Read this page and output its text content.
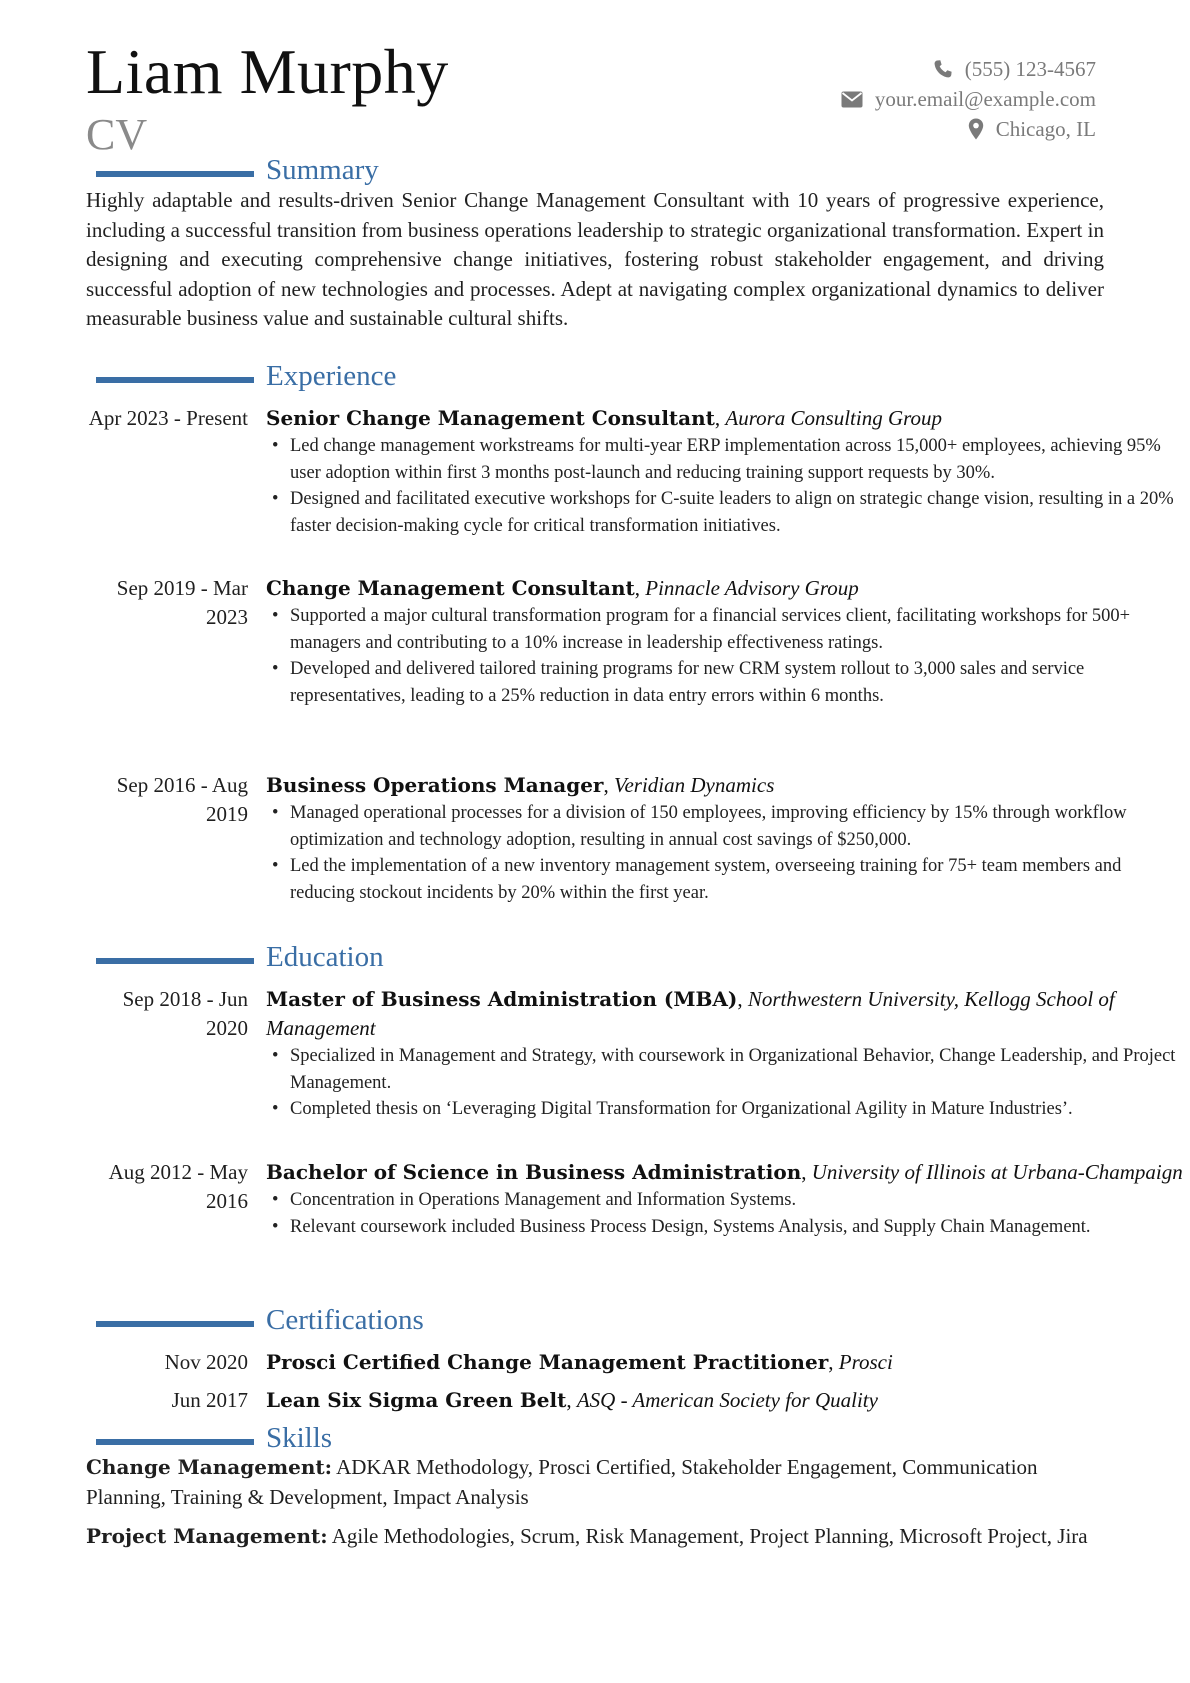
Liam Murphy
CV
(555) 123-4567
your.email@example.com
Chicago, IL
Summary
Highly adaptable and results-driven Senior Change Management Consultant with 10 years of progressive experience, including a successful transition from business operations leadership to strategic organizational transformation. Expert in designing and executing comprehensive change initiatives, fostering robust stakeholder engagement, and driving successful adoption of new technologies and processes. Adept at navigating complex organizational dynamics to deliver measurable business value and sustainable cultural shifts.
Experience
Apr 2023 - Present Senior Change Management Consultant, Aurora Consulting Group
• Led change management workstreams for multi-year ERP implementation across 15,000+ employees, achieving 95% user adoption within first 3 months post-launch and reducing training support requests by 30%.
• Designed and facilitated executive workshops for C-suite leaders to align on strategic change vision, resulting in a 20% faster decision-making cycle for critical transformation initiatives.
Sep 2019 - Mar 2023
Change Management Consultant, Pinnacle Advisory Group
• Supported a major cultural transformation program for a financial services client, facilitating workshops for 500+ managers and contributing to a 10% increase in leadership effectiveness ratings.
• Developed and delivered tailored training programs for new CRM system rollout to 3,000 sales and service representatives, leading to a 25% reduction in data entry errors within 6 months.
Sep 2016 - Aug 2019
Business Operations Manager, Veridian Dynamics
• Managed operational processes for a division of 150 employees, improving efficiency by 15% through workflow optimization and technology adoption, resulting in annual cost savings of $250,000.
• Led the implementation of a new inventory management system, overseeing training for 75+ team members and reducing stockout incidents by 20% within the first year.
Education
Sep 2018 - Jun 2020
Master of Business Administration (MBA), Northwestern University, Kellogg School of Management
• Specialized in Management and Strategy, with coursework in Organizational Behavior, Change Leadership, and Project Management.
• Completed thesis on ‘Leveraging Digital Transformation for Organizational Agility in Mature Industries’.
Aug 2012 - May 2016
Bachelor of Science in Business Administration, University of Illinois at Urbana-Champaign
• Concentration in Operations Management and Information Systems.
• Relevant coursework included Business Process Design, Systems Analysis, and Supply Chain Management.
Certifications
Nov 2020 Prosci Certified Change Management Practitioner, Prosci
Jun 2017 Lean Six Sigma Green Belt, ASQ - American Society for Quality
Skills
Change Management: ADKAR Methodology, Prosci Certified, Stakeholder Engagement, Communication Planning, Training & Development, Impact Analysis
Project Management: Agile Methodologies, Scrum, Risk Management, Project Planning, Microsoft Project, Jira
